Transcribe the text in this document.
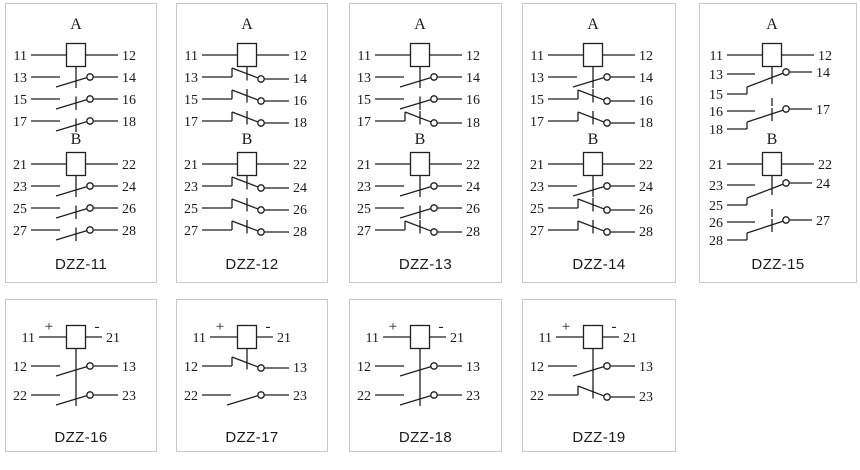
A
11	12
13	14
15	16
17	18
B
21	22
23	24
25	26
27	28
DZZ-11
A
11	12
13	14
15	16
17	18
B
21	22
23	24
25	26
27	28
DZZ-12
A
11	12
13	14
15	16
17	18
B
21	22
23	24
25	26
27	28
DZZ-13
A
11	12
13	14
15	16
17	18
B
21	22
23	24
25	26
27	28
DZZ-14
A
11	12
13
15
14
16
18
17
B
21	22
23
25
24
26
28
27
DZZ-15
11	21
+	-
12	13
22	23
DZZ-16
11	21
+	-
12	13
22	23
DZZ-17
11	21
+	-
12	13
22	23
DZZ-18
11	21
+	-
12	13
22	23
DZZ-19
